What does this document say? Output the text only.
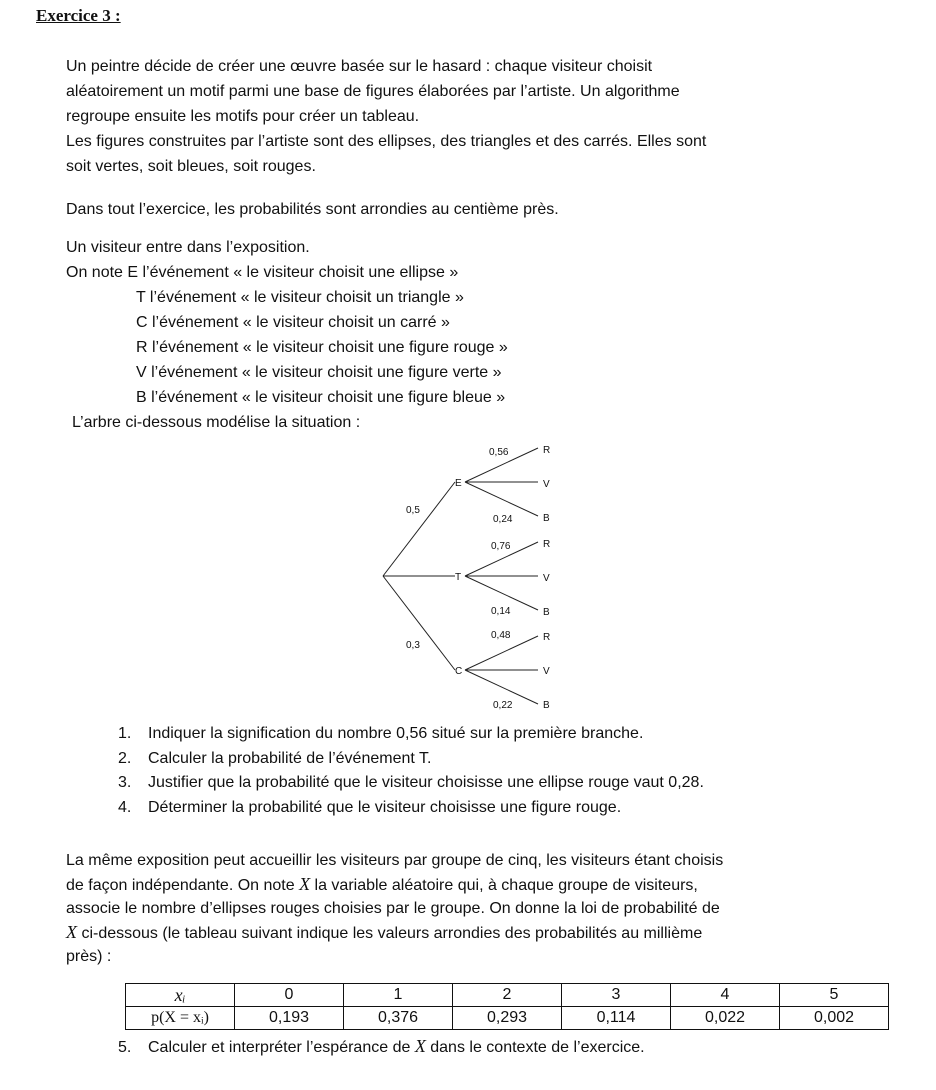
Exercice 3 :
Un peintre décide de créer une œuvre basée sur le hasard : chaque visiteur choisit
aléatoirement un motif parmi une base de figures élaborées par l’artiste. Un algorithme
regroupe ensuite les motifs pour créer un tableau.
Les figures construites par l’artiste sont des ellipses, des triangles et des carrés. Elles sont
soit vertes, soit bleues, soit rouges.
Dans tout l’exercice, les probabilités sont arrondies au centième près.
Un visiteur entre dans l’exposition.
On note E l’événement « le visiteur choisit une ellipse »
T l’événement « le visiteur choisit un triangle »
C l’événement « le visiteur choisit un carré »
R l’événement « le visiteur choisit une figure rouge »
V l’événement « le visiteur choisit une figure verte »
B l’événement « le visiteur choisit une figure bleue »
L’arbre ci-dessous modélise la situation :
0,5
0,3
E
0,56
0,24
R
V
B
T
0,76
0,14
R
V
B
C
0,48
0,22
R
V
B
1. Indiquer la signification du nombre 0,56 situé sur la première branche.
2. Calculer la probabilité de l’événement T.
3. Justifier que la probabilité que le visiteur choisisse une ellipse rouge vaut 0,28.
4. Déterminer la probabilité que le visiteur choisisse une figure rouge.
La même exposition peut accueillir les visiteurs par groupe de cinq, les visiteurs étant choisis
de façon indépendante. On note X la variable aléatoire qui, à chaque groupe de visiteurs,
associe le nombre d’ellipses rouges choisies par le groupe. On donne la loi de probabilité de
X ci-dessous (le tableau suivant indique les valeurs arrondies des probabilités au millième
près) :
xᵢ	0	1	2	3	4	5
p(X = xᵢ)	0,193	0,376	0,293	0,114	0,022	0,002
5. Calculer et interpréter l’espérance de X dans le contexte de l’exercice.
